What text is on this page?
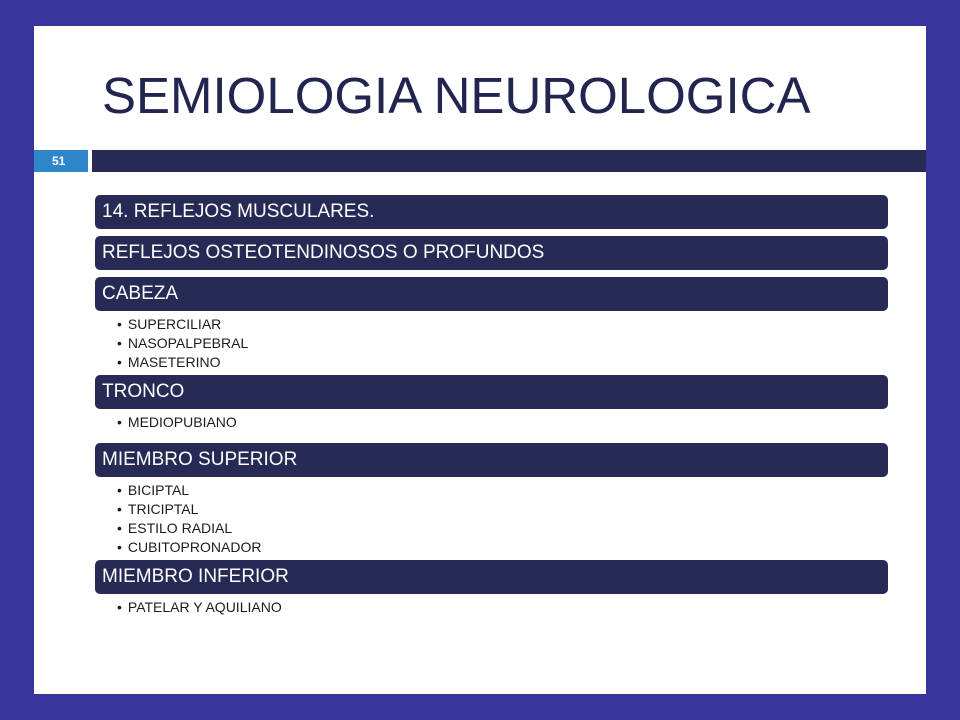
SEMIOLOGIA NEUROLOGICA
51
14. REFLEJOS MUSCULARES.
REFLEJOS OSTEOTENDINOSOS O PROFUNDOS
CABEZA
• SUPERCILIAR
• NASOPALPEBRAL
• MASETERINO
TRONCO
• MEDIOPUBIANO
MIEMBRO SUPERIOR
• BICIPTAL
• TRICIPTAL
• ESTILO RADIAL
• CUBITOPRONADOR
MIEMBRO INFERIOR
• PATELAR Y AQUILIANO
